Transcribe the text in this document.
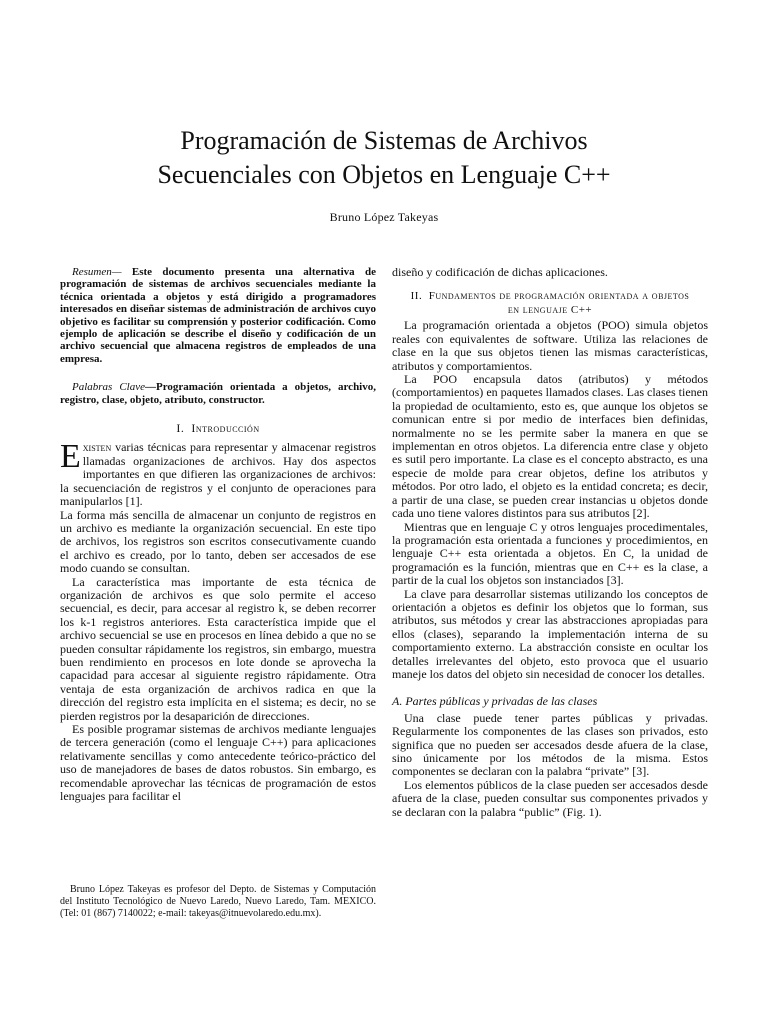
Programación de Sistemas de Archivos
Secuenciales con Objetos en Lenguaje C++
Bruno López Takeyas

Resumen— Este documento presenta una alternativa de programación de sistemas de archivos secuenciales mediante la técnica orientada a objetos y está dirigido a programadores interesados en diseñar sistemas de administración de archivos cuyo objetivo es facilitar su comprensión y posterior codificación. Como ejemplo de aplicación se describe el diseño y codificación de un archivo secuencial que almacena registros de empleados de una empresa.

Palabras Clave—Programación orientada a objetos, archivo, registro, clase, objeto, atributo, constructor.

I. Introducción

Existen varias técnicas para representar y almacenar registros llamadas organizaciones de archivos. Hay dos aspectos importantes en que difieren las organizaciones de archivos: la secuenciación de registros y el conjunto de operaciones para manipularlos [1].

La forma más sencilla de almacenar un conjunto de registros en un archivo es mediante la organización secuencial. En este tipo de archivos, los registros son escritos consecutivamente cuando el archivo es creado, por lo tanto, deben ser accesados de ese modo cuando se consultan.

La característica mas importante de esta técnica de organización de archivos es que solo permite el acceso secuencial, es decir, para accesar al registro k, se deben recorrer los k-1 registros anteriores. Esta característica impide que el archivo secuencial se use en procesos en línea debido a que no se pueden consultar rápidamente los registros, sin embargo, muestra buen rendimiento en procesos en lote donde se aprovecha la capacidad para accesar al siguiente registro rápidamente. Otra ventaja de esta organización de archivos radica en que la dirección del registro esta implícita en el sistema; es decir, no se pierden registros por la desaparición de direcciones.

Es posible programar sistemas de archivos mediante lenguajes de tercera generación (como el lenguaje C++) para aplicaciones relativamente sencillas y como antecedente teórico-práctico del uso de manejadores de bases de datos robustos. Sin embargo, es recomendable aprovechar las técnicas de programación de estos lenguajes para facilitar el

Bruno López Takeyas es profesor del Depto. de Sistemas y Computación del Instituto Tecnológico de Nuevo Laredo, Nuevo Laredo, Tam. MEXICO. (Tel: 01 (867) 7140022; e-mail: takeyas@itnuevolaredo.edu.mx).

diseño y codificación de dichas aplicaciones.

II. Fundamentos de programación orientada a objetos
en lenguaje C++

La programación orientada a objetos (POO) simula objetos reales con equivalentes de software. Utiliza las relaciones de clase en la que sus objetos tienen las mismas características, atributos y comportamientos.

La POO encapsula datos (atributos) y métodos (comportamientos) en paquetes llamados clases. Las clases tienen la propiedad de ocultamiento, esto es, que aunque los objetos se comunican entre si por medio de interfaces bien definidas, normalmente no se les permite saber la manera en que se implementan en otros objetos. La diferencia entre clase y objeto es sutil pero importante. La clase es el concepto abstracto, es una especie de molde para crear objetos, define los atributos y métodos. Por otro lado, el objeto es la entidad concreta; es decir, a partir de una clase, se pueden crear instancias u objetos donde cada uno tiene valores distintos para sus atributos [2].

Mientras que en lenguaje C y otros lenguajes procedimentales, la programación esta orientada a funciones y procedimientos, en lenguaje C++ esta orientada a objetos. En C, la unidad de programación es la función, mientras que en C++ es la clase, a partir de la cual los objetos son instanciados [3].

La clave para desarrollar sistemas utilizando los conceptos de orientación a objetos es definir los objetos que lo forman, sus atributos, sus métodos y crear las abstracciones apropiadas para ellos (clases), separando la implementación interna de su comportamiento externo. La abstracción consiste en ocultar los detalles irrelevantes del objeto, esto provoca que el usuario maneje los datos del objeto sin necesidad de conocer los detalles.

A. Partes públicas y privadas de las clases

Una clase puede tener partes públicas y privadas. Regularmente los componentes de las clases son privados, esto significa que no pueden ser accesados desde afuera de la clase, sino únicamente por los métodos de la misma. Estos componentes se declaran con la palabra “private” [3].

Los elementos públicos de la clase pueden ser accesados desde afuera de la clase, pueden consultar sus componentes privados y se declaran con la palabra “public” (Fig. 1).
